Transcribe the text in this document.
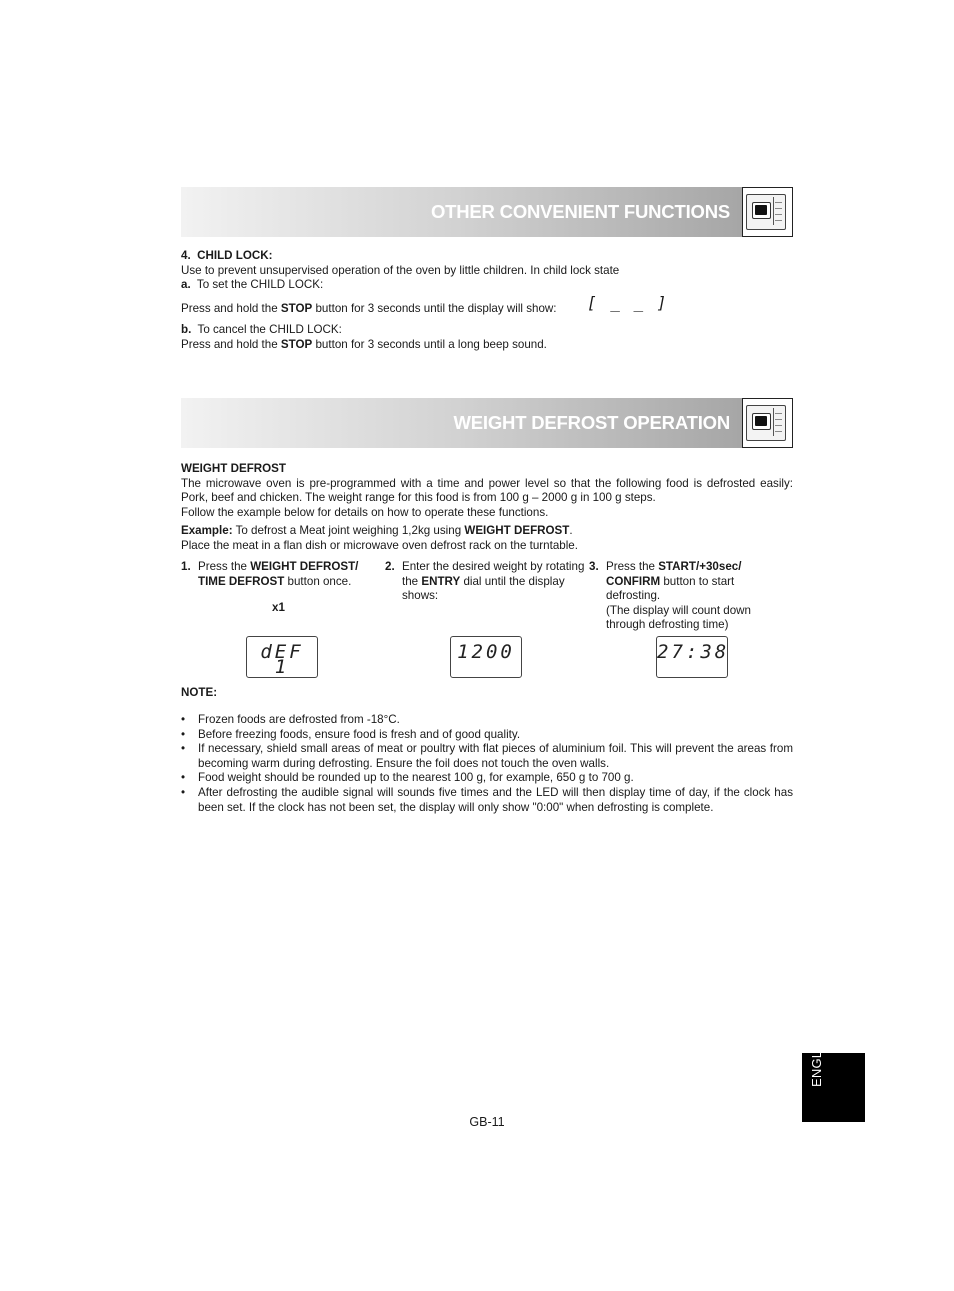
OTHER CONVENIENT FUNCTIONS
4. CHILD LOCK:
Use to prevent unsupervised operation of the oven by little children. In child lock state
a. To set the CHILD LOCK:
Press and hold the STOP button for 3 seconds until the display will show: [ _ _ ]
b. To cancel the CHILD LOCK:
Press and hold the STOP button for 3 seconds until a long beep sound.
WEIGHT DEFROST OPERATION
WEIGHT DEFROST
The microwave oven is pre-programmed with a time and power level so that the following food is defrosted easily: Pork, beef and chicken. The weight range for this food is from 100 g – 2000 g in 100 g steps.
Follow the example below for details on how to operate these functions.
Example: To defrost a Meat joint weighing 1,2kg using WEIGHT DEFROST.
Place the meat in a flan dish or microwave oven defrost rack on the turntable.
1. Press the WEIGHT DEFROST/ TIME DEFROST button once.
x1
2. Enter the desired weight by rotating the ENTRY dial until the display shows:
3. Press the START/+30sec/ CONFIRM button to start defrosting.
(The display will count down through defrosting time)
dEF 1
1200	27:38
NOTE:
• Frozen foods are defrosted from -18°C.
• Before freezing foods, ensure food is fresh and of good quality.
• If necessary, shield small areas of meat or poultry with flat pieces of aluminium foil. This will prevent the areas from becoming warm during defrosting. Ensure the foil does not touch the oven walls.
• Food weight should be rounded up to the nearest 100 g, for example, 650 g to 700 g.
• After defrosting the audible signal will sounds five times and the LED will then display time of day, if the clock has been set. If the clock has not been set, the display will only show "0:00" when defrosting is complete.
GB-11
ENGLISH
